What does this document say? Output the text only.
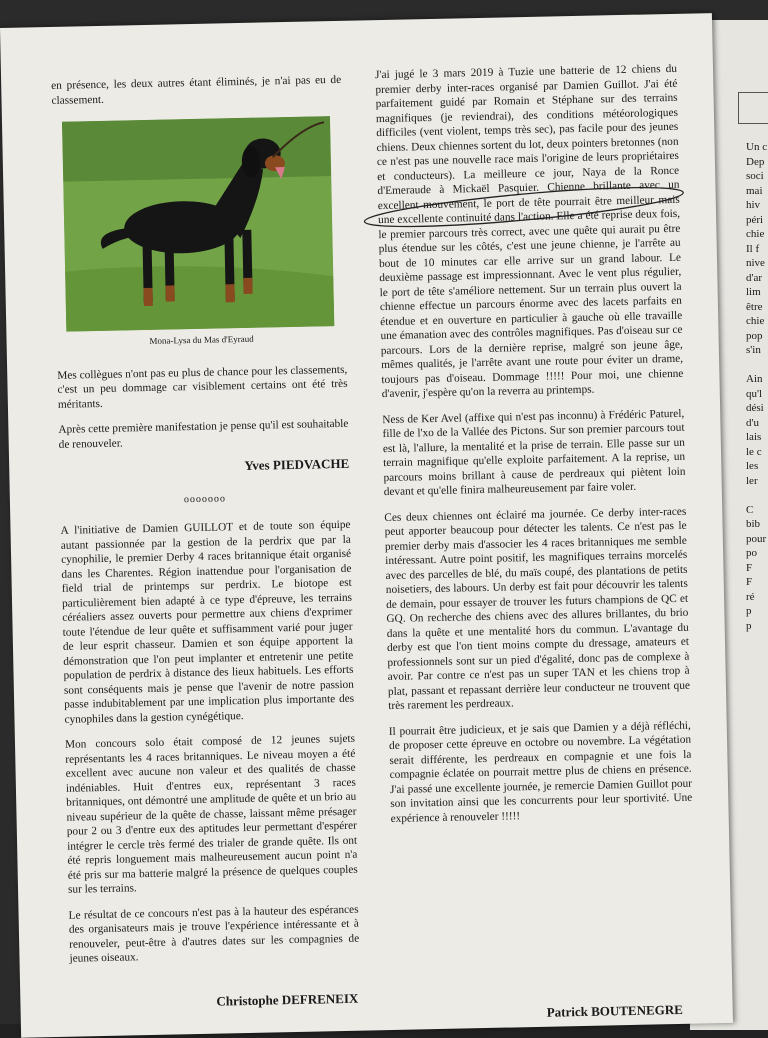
Un c
Dep
soci
mai
hiv
péri
chie
Il f
nive
d'ar
lim
être
chie
pop
s'in
Ain
qu'l
dési
d'u
lais
le c
les
ler
C
bib
pour
po
F
F
ré
p
p

en présence, les deux autres étant éliminés, je n'ai pas eu de classement.

Mona-Lysa du Mas d'Eyraud

Mes collègues n'ont pas eu plus de chance pour les classements, c'est un peu dommage car visiblement certains ont été très méritants.

Après cette première manifestation je pense qu'il est souhaitable de renouveler.

Yves PIEDVACHE
ooooooo

A l'initiative de Damien GUILLOT et de toute son équipe autant passionnée par la gestion de la perdrix que par la cynophilie, le premier Derby 4 races britannique était organisé dans les Charentes. Région inattendue pour l'organisation de field trial de printemps sur perdrix. Le biotope est particulièrement bien adapté à ce type d'épreuve, les terrains céréaliers assez ouverts pour permettre aux chiens d'exprimer toute l'étendue de leur quête et suffisamment varié pour juger de leur esprit chasseur. Damien et son équipe apportent la démonstration que l'on peut implanter et entretenir une petite population de perdrix à distance des lieux habituels. Les efforts sont conséquents mais je pense que l'avenir de notre passion passe indubitablement par une implication plus importante des cynophiles dans la gestion cynégétique.

Mon concours solo était composé de 12 jeunes sujets représentants les 4 races britanniques. Le niveau moyen a été excellent avec aucune non valeur et des qualités de chasse indéniables. Huit d'entres eux, représentant 3 races britanniques, ont démontré une amplitude de quête et un brio au niveau supérieur de la quête de chasse, laissant même présager pour 2 ou 3 d'entre eux des aptitudes leur permettant d'espérer intégrer le cercle très fermé des trialer de grande quête. Ils ont été repris longuement mais malheureusement aucun point n'a été pris sur ma batterie malgré la présence de quelques couples sur les terrains.

Le résultat de ce concours n'est pas à la hauteur des espérances des organisateurs mais je trouve l'expérience intéressante et à renouveler, peut-être à d'autres dates sur les compagnies de jeunes oiseaux.

Christophe DEFRENEIX

J'ai jugé le 3 mars 2019 à Tuzie une batterie de 12 chiens du premier derby inter-races organisé par Damien Guillot. J'ai été parfaitement guidé par Romain et Stéphane sur des terrains magnifiques (je reviendrai), des conditions météorologiques difficiles (vent violent, temps très sec), pas facile pour des jeunes chiens. Deux chiennes sortent du lot, deux pointers bretonnes (non ce n'est pas une nouvelle race mais l'origine de leurs propriétaires et conducteurs). La meilleure ce jour, Naya de la Ronce d'Emeraude à Mickaël Pasquier. Chienne brillante avec un excellent mouvement, le port de tête pourrait être meilleur mais une excellente continuité dans l'action. Elle a été reprise deux fois, le premier parcours très correct, avec une quête qui aurait pu être plus étendue sur les côtés, c'est une jeune chienne, je l'arrête au bout de 10 minutes car elle arrive sur un grand labour. Le deuxième passage est impressionnant. Avec le vent plus régulier, le port de tête s'améliore nettement. Sur un terrain plus ouvert la chienne effectue un parcours énorme avec des lacets parfaits en étendue et en ouverture en particulier à gauche où elle travaille une émanation avec des contrôles magnifiques. Pas d'oiseau sur ce parcours. Lors de la dernière reprise, malgré son jeune âge, mêmes qualités, je l'arrête avant une route pour éviter un drame, toujours pas d'oiseau. Dommage !!!!! Pour moi, une chienne d'avenir, j'espère qu'on la reverra au printemps.

Ness de Ker Avel (affixe qui n'est pas inconnu) à Frédéric Paturel, fille de l'xo de la Vallée des Pictons. Sur son premier parcours tout est là, l'allure, la mentalité et la prise de terrain. Elle passe sur un terrain magnifique qu'elle exploite parfaitement. A la reprise, un parcours moins brillant à cause de perdreaux qui piètent loin devant et qu'elle finira malheureusement par faire voler.

Ces deux chiennes ont éclairé ma journée. Ce derby inter-races peut apporter beaucoup pour détecter les talents. Ce n'est pas le premier derby mais d'associer les 4 races britanniques me semble intéressant. Autre point positif, les magnifiques terrains morcelés avec des parcelles de blé, du maïs coupé, des plantations de petits noisetiers, des labours. Un derby est fait pour découvrir les talents de demain, pour essayer de trouver les futurs champions de QC et GQ. On recherche des chiens avec des allures brillantes, du brio dans la quête et une mentalité hors du commun. L'avantage du derby est que l'on tient moins compte du dressage, amateurs et professionnels sont sur un pied d'égalité, donc pas de complexe à avoir. Par contre ce n'est pas un super TAN et les chiens trop à plat, passant et repassant derrière leur conducteur ne trouvent que très rarement les perdreaux.

Il pourrait être judicieux, et je sais que Damien y a déjà réfléchi, de proposer cette épreuve en octobre ou novembre. La végétation serait différente, les perdreaux en compagnie et une fois la compagnie éclatée on pourrait mettre plus de chiens en présence. J'ai passé une excellente journée, je remercie Damien Guillot pour son invitation ainsi que les concurrents pour leur sportivité. Une expérience à renouveler !!!!!

Patrick BOUTENEGRE
